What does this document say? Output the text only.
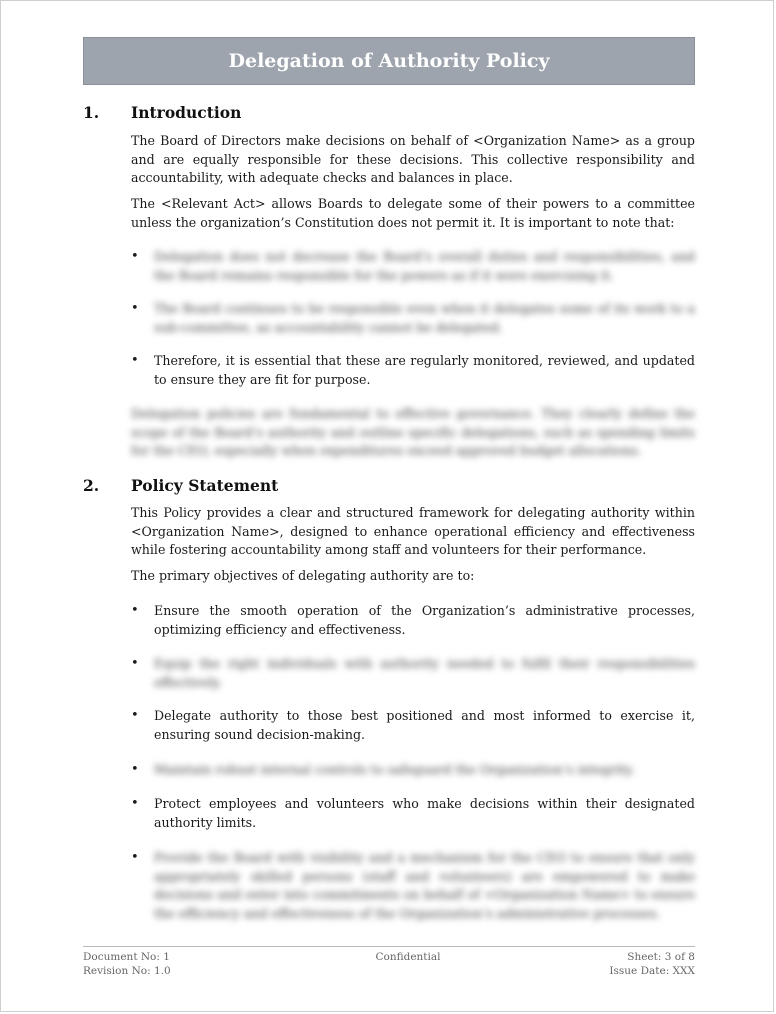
Delegation of Authority Policy
1. Introduction

The Board of Directors make decisions on behalf of <Organization Name> as a group and are equally responsible for these decisions. This collective responsibility and accountability, with adequate checks and balances in place.

The <Relevant Act> allows Boards to delegate some of their powers to a committee unless the organization’s Constitution does not permit it. It is important to note that:

• Delegation does not decrease the Board’s overall duties and responsibilities, and the Board remains responsible for the powers as if it were exercising it.
• The Board continues to be responsible even when it delegates some of its work to a sub-committee, as accountability cannot be delegated.
• Therefore, it is essential that these are regularly monitored, reviewed, and updated to ensure they are fit for purpose.

Delegation policies are fundamental to effective governance. They clearly define the scope of the Board’s authority and outline specific delegations, such as spending limits for the CEO, especially when expenditures exceed approved budget allocations.

2. Policy Statement

This Policy provides a clear and structured framework for delegating authority within <Organization Name>, designed to enhance operational efficiency and effectiveness while fostering accountability among staff and volunteers for their performance.

The primary objectives of delegating authority are to:

• Ensure the smooth operation of the Organization’s administrative processes, optimizing efficiency and effectiveness.
• Equip the right individuals with authority needed to fulfil their responsibilities effectively.
• Delegate authority to those best positioned and most informed to exercise it, ensuring sound decision-making.
• Maintain robust internal controls to safeguard the Organization’s integrity.
• Protect employees and volunteers who make decisions within their designated authority limits.
• Provide the Board with visibility and a mechanism for the CEO to ensure that only appropriately skilled persons (staff and volunteers) are empowered to make decisions and enter into commitments on behalf of <Organization Name> to ensure the efficiency and effectiveness of the Organization’s administrative processes.
Document No: 1
Revision No: 1.0
Confidential	Sheet: 3 of 8
Issue Date: XXX
